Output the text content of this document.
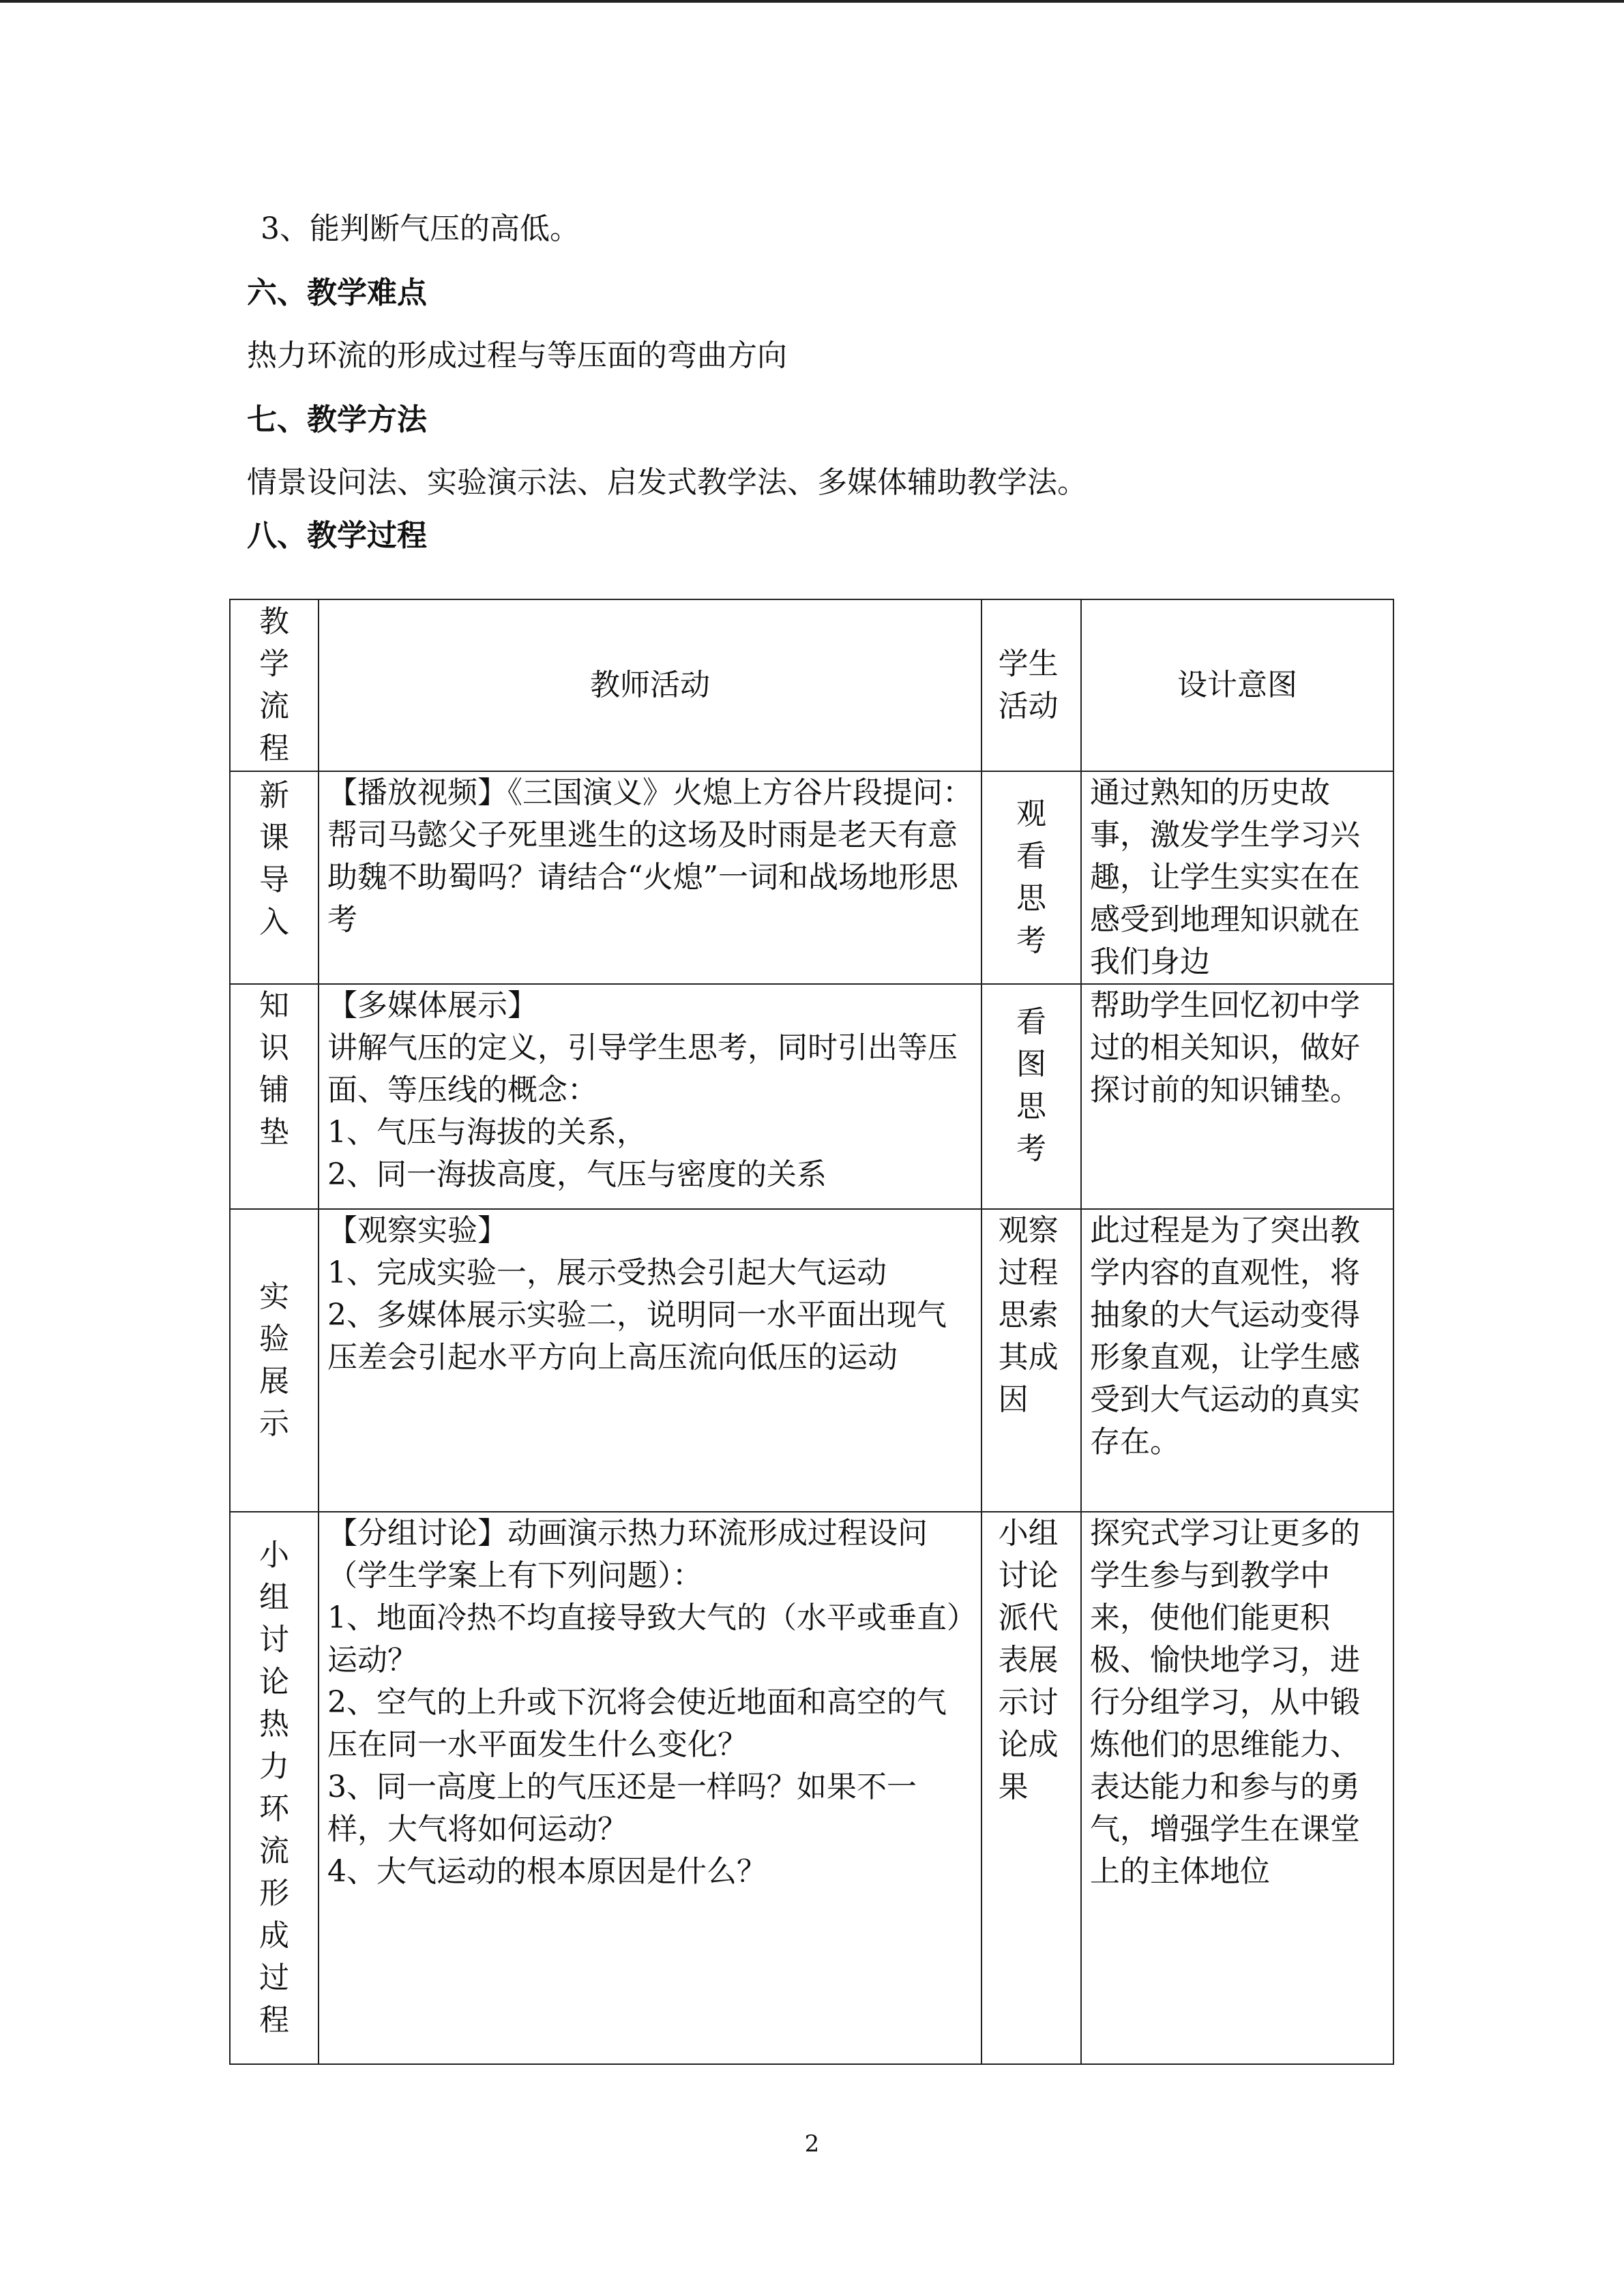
3、能判断气压的高低。
六、教学难点
热力环流的形成过程与等压面的弯曲方向
七、教学方法
情景设问法、实验演示法、启发式教学法、多媒体辅助教学法。
八、教学过程
教学流程	教师活动	学生活动	设计意图
新课导入	【播放视频】《三国演义》火熄上方谷片段提问：帮司马懿父子死里逃生的这场及时雨是老天有意助魏不助蜀吗？请结合“火熄”一词和战场地形思考	观看思考	通过熟知的历史故事，激发学生学习兴趣，让学生实实在在感受到地理知识就在我们身边
知识铺垫	【多媒体展示】
讲解气压的定义，引导学生思考，同时引出等压面、等压线的概念：
1、气压与海拔的关系，
2、同一海拔高度，气压与密度的关系	看图思考	帮助学生回忆初中学过的相关知识，做好探讨前的知识铺垫。
实验展示	【观察实验】
1、完成实验一，展示受热会引起大气运动
2、多媒体展示实验二，说明同一水平面出现气压差会引起水平方向上高压流向低压的运动	观察过程思索其成因	此过程是为了突出教学内容的直观性，将抽象的大气运动变得形象直观，让学生感受到大气运动的真实存在。
小组讨论热力环流形成过程	【分组讨论】动画演示热力环流形成过程设问（学生学案上有下列问题）：
1、地面冷热不均直接导致大气的（水平或垂直）运动？
2、空气的上升或下沉将会使近地面和高空的气压在同一水平面发生什么变化？
3、同一高度上的气压还是一样吗？如果不一样，大气将如何运动？
4、大气运动的根本原因是什么？	小组讨论派代表展示讨论成果	探究式学习让更多的学生参与到教学中来，使他们能更积极、愉快地学习，进行分组学习，从中锻炼他们的思维能力、表达能力和参与的勇气，增强学生在课堂上的主体地位
2
